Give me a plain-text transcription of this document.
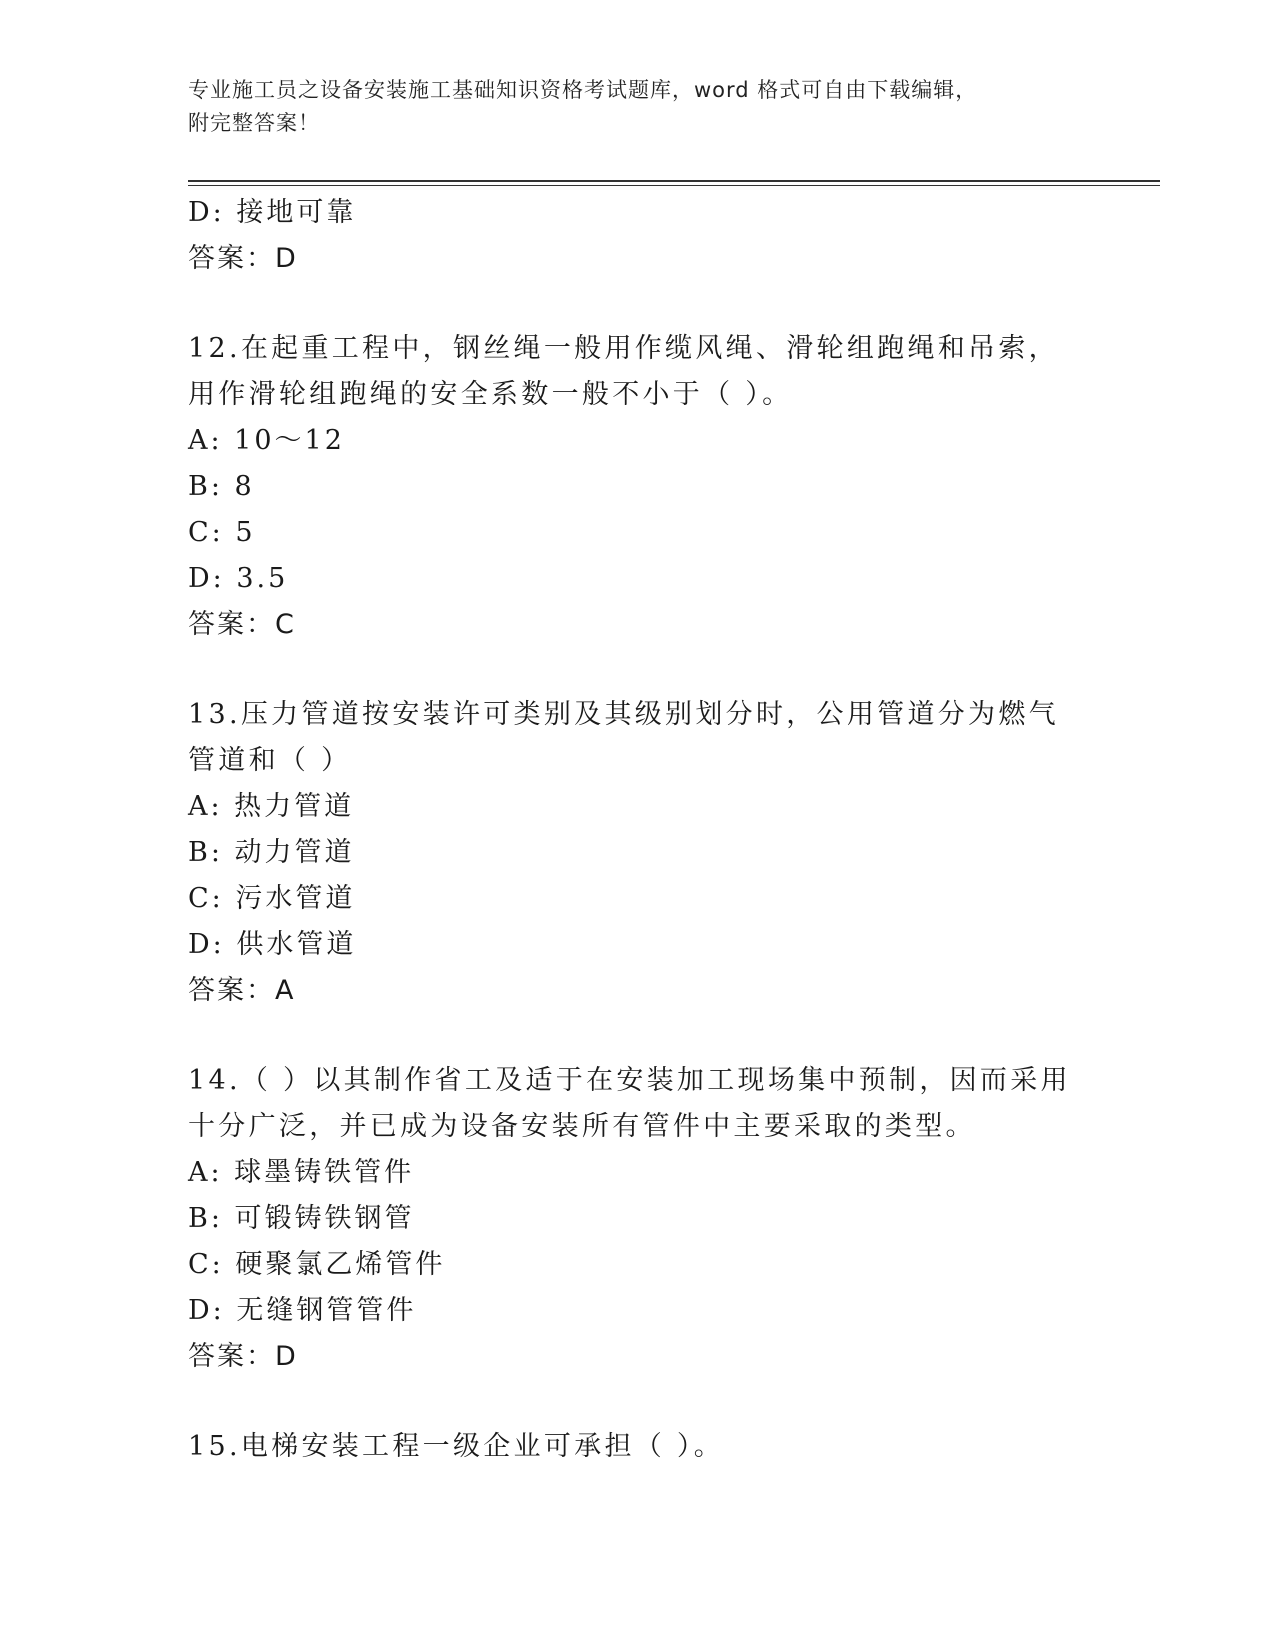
专业施工员之设备安装施工基础知识资格考试题库，word 格式可自由下载编辑，
附完整答案！
D: 接地可靠
答案：D
12.在起重工程中，钢丝绳一般用作缆风绳、滑轮组跑绳和吊索，用作滑轮组跑绳的安全系数一般不小于（ ）。
A: 10～12
B: 8
C: 5
D: 3.5
答案：C
13.压力管道按安装许可类别及其级别划分时，公用管道分为燃气管道和（ ）
A: 热力管道
B: 动力管道
C: 污水管道
D: 供水管道
答案：A
14.（ ）以其制作省工及适于在安装加工现场集中预制，因而采用十分广泛，并已成为设备安装所有管件中主要采取的类型。
A: 球墨铸铁管件
B: 可锻铸铁钢管
C: 硬聚氯乙烯管件
D: 无缝钢管管件
答案：D
15.电梯安装工程一级企业可承担（ ）。
